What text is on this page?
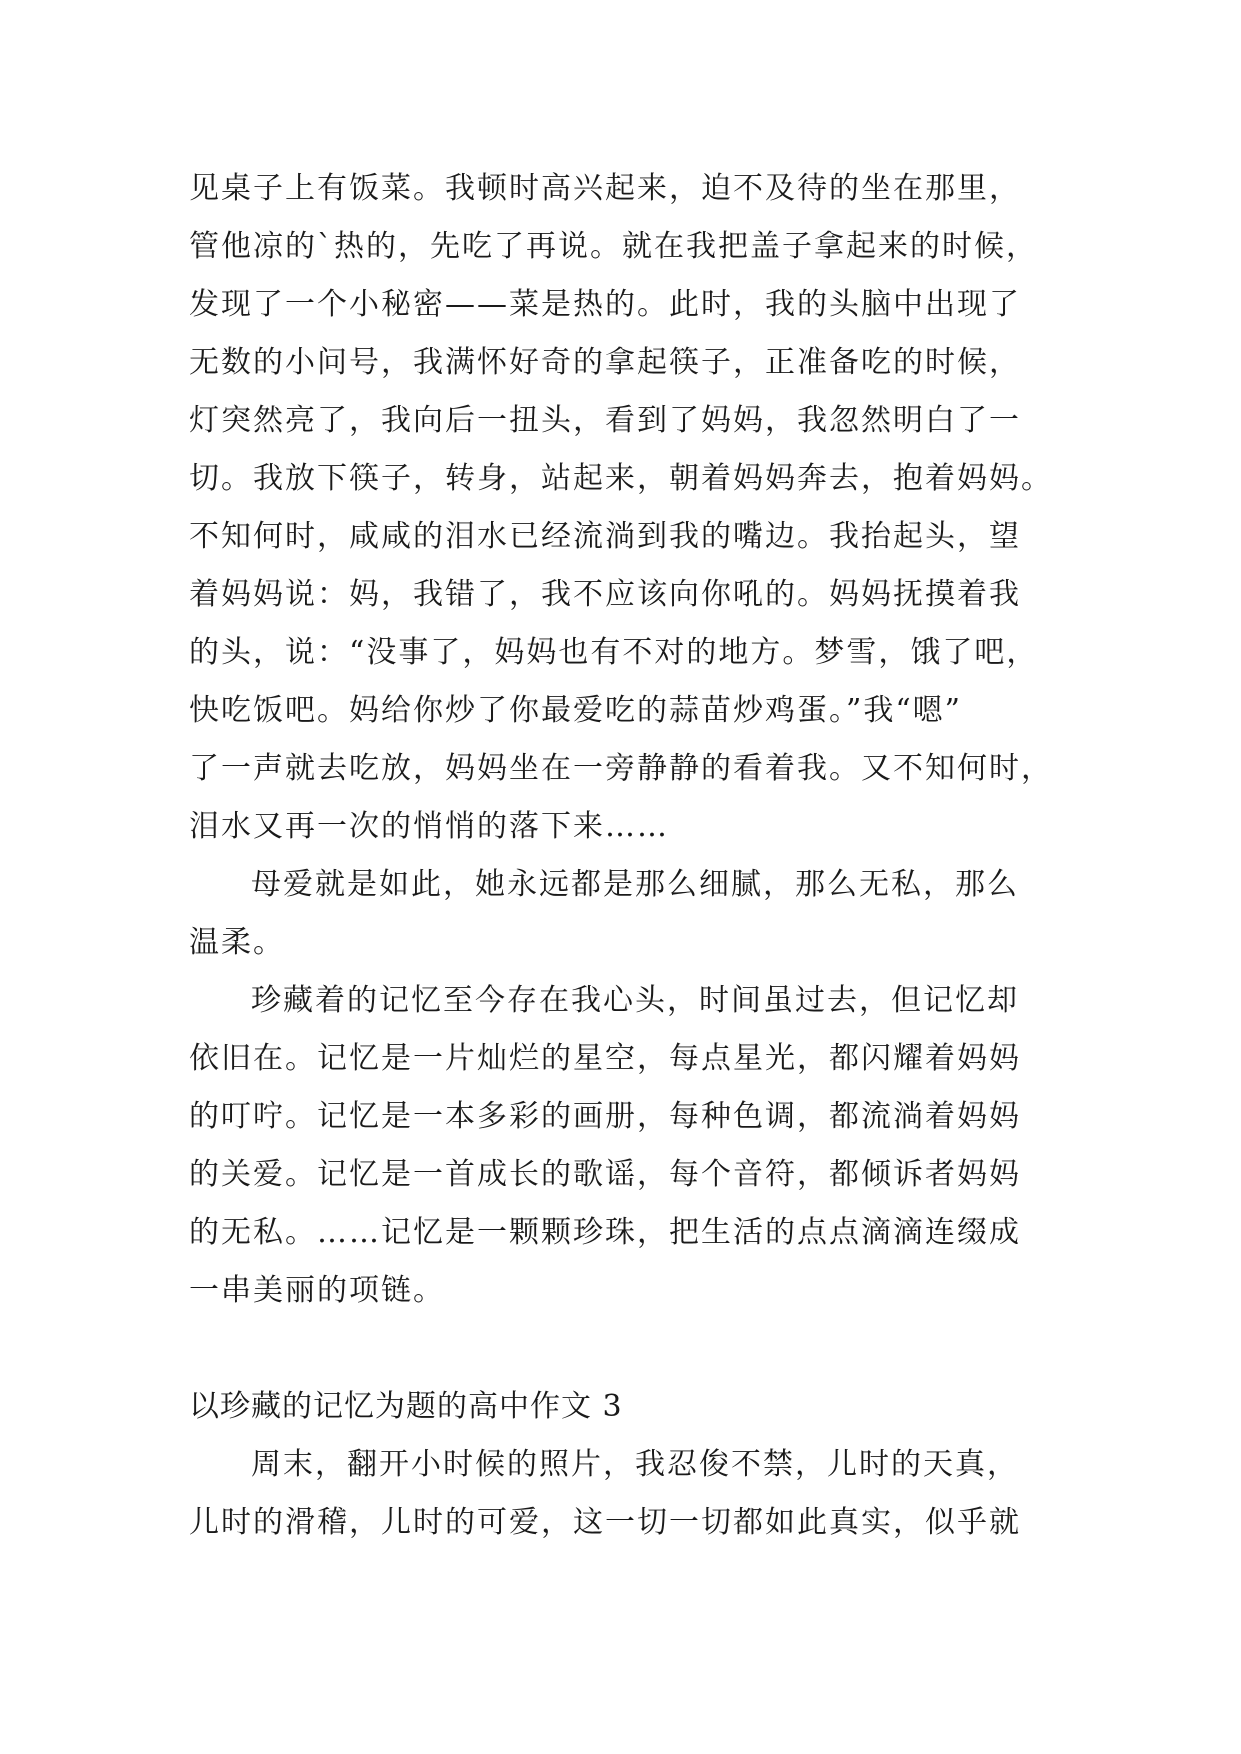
见桌子上有饭菜。我顿时高兴起来，迫不及待的坐在那里，
管他凉的`热的，先吃了再说。就在我把盖子拿起来的时候，
发现了一个小秘密——菜是热的。此时，我的头脑中出现了
无数的小问号，我满怀好奇的拿起筷子，正准备吃的时候，
灯突然亮了，我向后一扭头，看到了妈妈，我忽然明白了一
切。我放下筷子，转身，站起来，朝着妈妈奔去，抱着妈妈。
不知何时，咸咸的泪水已经流淌到我的嘴边。我抬起头，望
着妈妈说：妈，我错了，我不应该向你吼的。妈妈抚摸着我
的头，说：“没事了，妈妈也有不对的地方。梦雪，饿了吧，
快吃饭吧。妈给你炒了你最爱吃的蒜苗炒鸡蛋。”我“嗯”
了一声就去吃放，妈妈坐在一旁静静的看着我。又不知何时，
泪水又再一次的悄悄的落下来……
母爱就是如此，她永远都是那么细腻，那么无私，那么
温柔。
珍藏着的记忆至今存在我心头，时间虽过去，但记忆却
依旧在。记忆是一片灿烂的星空，每点星光，都闪耀着妈妈
的叮咛。记忆是一本多彩的画册，每种色调，都流淌着妈妈
的关爱。记忆是一首成长的歌谣，每个音符，都倾诉者妈妈
的无私。……记忆是一颗颗珍珠，把生活的点点滴滴连缀成
一串美丽的项链。
以珍藏的记忆为题的高中作文 3
周末，翻开小时候的照片，我忍俊不禁，儿时的天真，
儿时的滑稽，儿时的可爱，这一切一切都如此真实，似乎就
